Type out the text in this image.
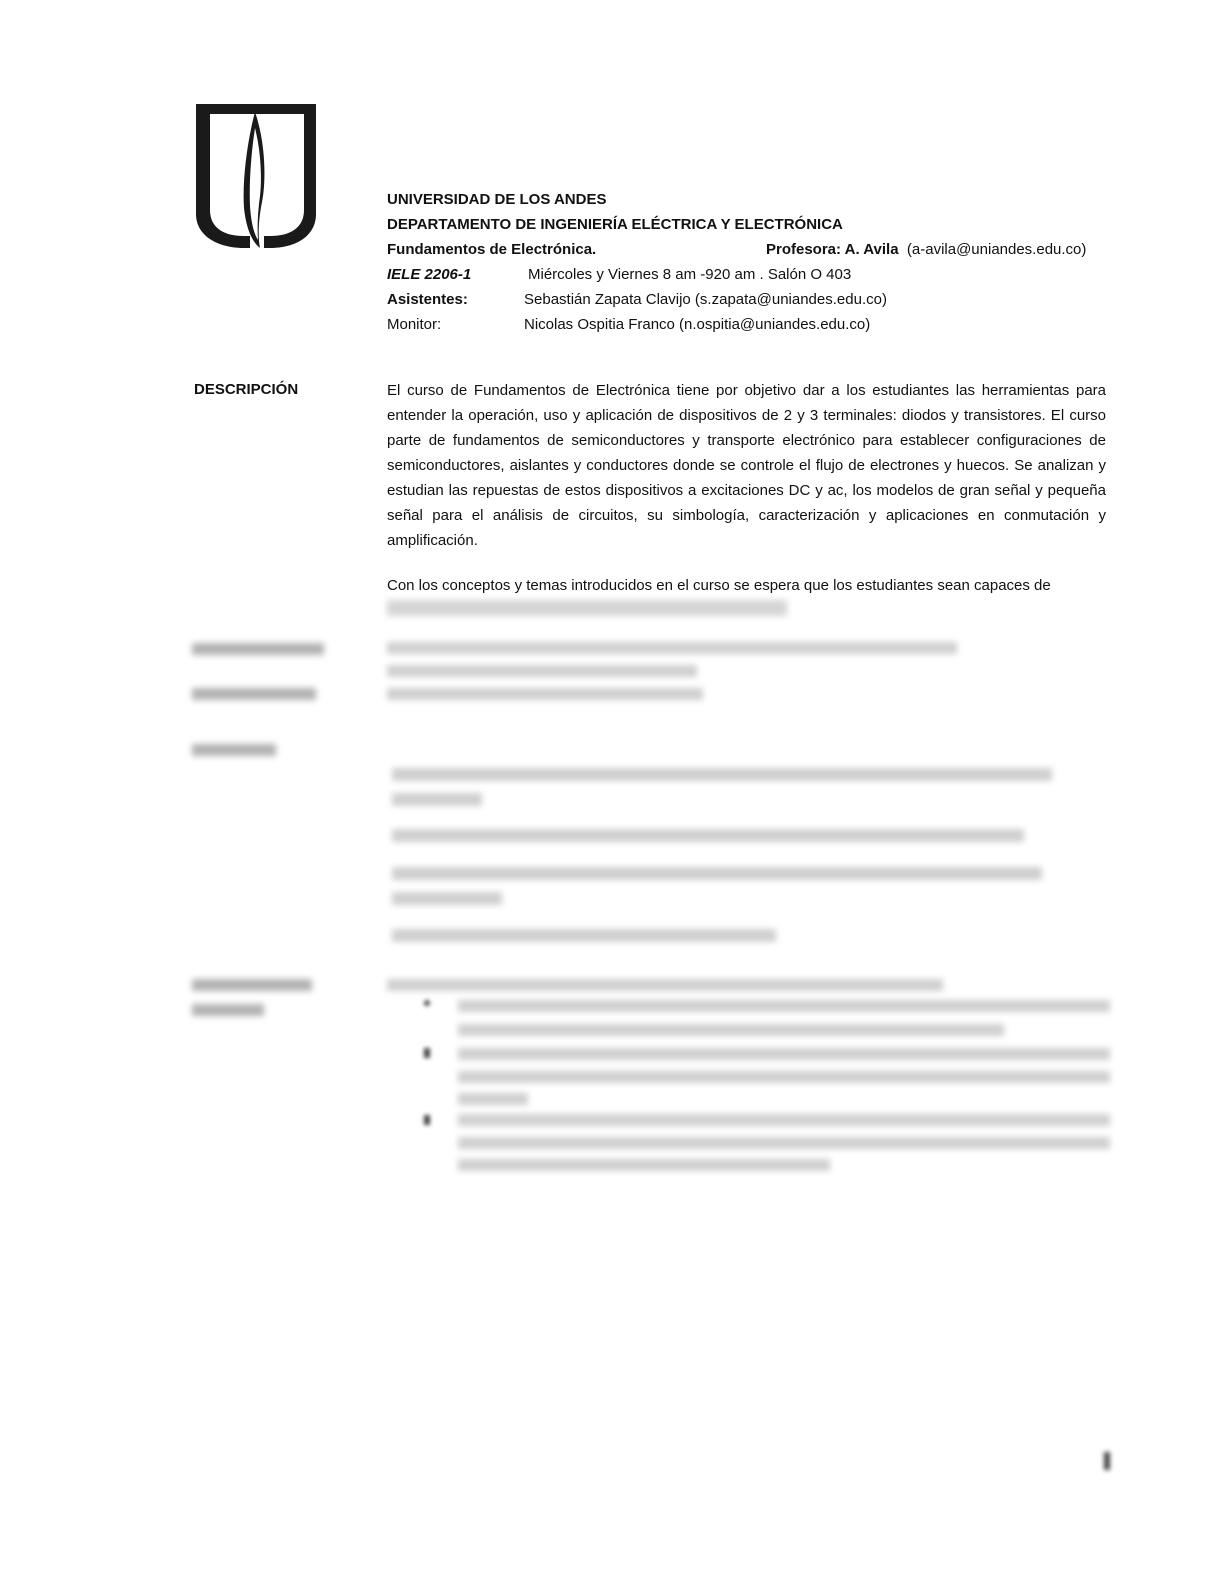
UNIVERSIDAD DE LOS ANDES
DEPARTAMENTO DE INGENIERÍA ELÉCTRICA Y ELECTRÓNICA
Fundamentos de Electrónica.	Profesora: A. Avila (a-avila@uniandes.edu.co)
IELE 2206-1	Miércoles y Viernes 8 am -920 am . Salón O 403
Asistentes:	Sebastián Zapata Clavijo (s.zapata@uniandes.edu.co)
Monitor:	Nicolas Ospitia Franco (n.ospitia@uniandes.edu.co)
DESCRIPCIÓN	El curso de Fundamentos de Electrónica tiene por objetivo dar a los estudiantes las herramientas para entender la operación, uso y aplicación de dispositivos de 2 y 3 terminales: diodos y transistores. El curso parte de fundamentos de semiconductores y transporte electrónico para establecer configuraciones de semiconductores, aislantes y conductores donde se controle el flujo de electrones y huecos. Se analizan y estudian las repuestas de estos dispositivos a excitaciones DC y ac, los modelos de gran señal y pequeña señal para el análisis de circuitos, su simbología, caracterización y aplicaciones en conmutación y amplificación.

Con los conceptos y temas introducidos en el curso se espera que los estudiantes sean capaces de
